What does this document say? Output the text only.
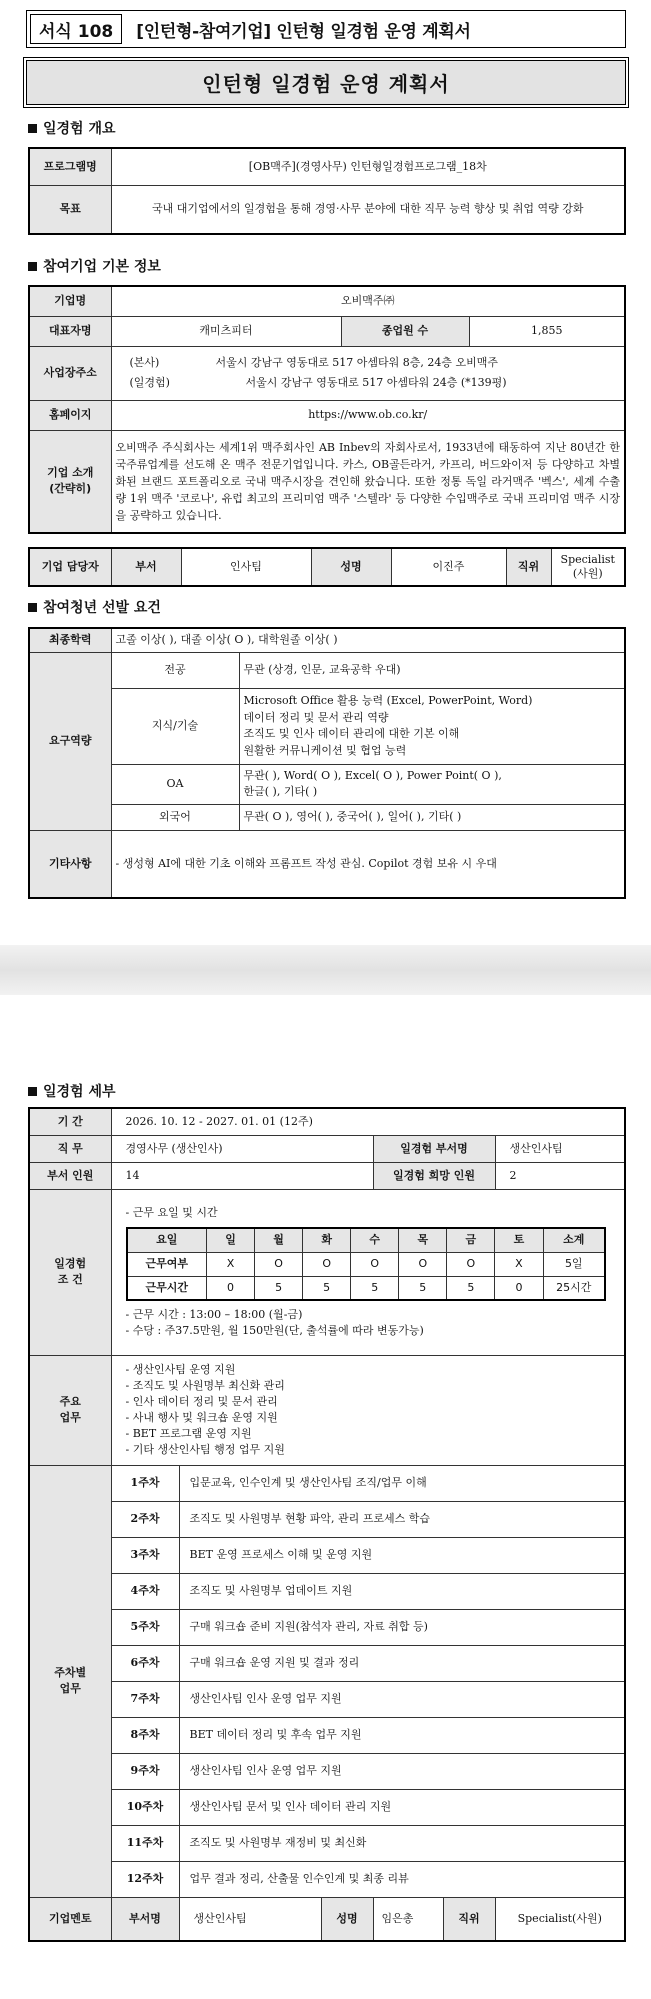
서식 108	[인턴형-참여기업] 인턴형 일경험 운영 계획서
인턴형 일경험 운영 계획서
일경험 개요
프로그램명	[OB맥주](경영사무) 인턴형일경험프로그램_18차
목표	국내 대기업에서의 일경험을 통해 경영·사무 분야에 대한 직무 능력 향상 및 취업 역량 강화
참여기업 기본 정보
기업명	오비맥주㈜		
대표자명	캐미츠피터	종업원 수	1,855
사업장주소	(본사) 서울시 강남구 영동대로 517 아셈타워 8층, 24층 오비맥주
(일경험) 서울시 강남구 영동대로 517 아셈타워 24층 (*139평)		

홈페이지	https://www.ob.co.kr/		

기업 소개
(간략히)	오비맥주 주식회사는 세계1위 맥주회사인 AB Inbev의 자회사로서, 1933년에 태동하여 지난 80년간 한국주류업계를 선도해 온 맥주 전문기업입니다. 카스, OB골든라거, 카프리, 버드와이저 등 다양하고 차별화된 브랜드 포트폴리오로 국내 맥주시장을 견인해 왔습니다. 또한 정통 독일 라거맥주 '벡스', 세계 수출량 1위 맥주 '코로나', 유럽 최고의 프리미엄 맥주 '스텔라' 등 다양한 수입맥주로 국내 프리미엄 맥주 시장을 공략하고 있습니다.		
기업 담당자	부서	인사팀	성명	이진주	직위	
Specialist
(사원)
참여청년 선발 요건
최종학력	고졸 이상( ), 대졸 이상( O ), 대학원졸 이상( )	
요구역량	전공	무관 (상경, 인문, 교육공학 우대)
	지식/기술	Microsoft Office 활용 능력 (Excel, PowerPoint, Word)
데이터 정리 및 문서 관리 역량
조직도 및 인사 데이터 관리에 대한 기본 이해
원활한 커뮤니케이션 및 협업 능력

	OA	무관( ), Word( O ), Excel( O ), Power Point( O ),
한글( ), 기타( )

	외국어	무관( O ), 영어( ), 중국어( ), 일어( ), 기타( )
기타사항	- 생성형 AI에 대한 기초 이해와 프롬프트 작성 관심. Copilot 경험 보유 시 우대	
일경험 세부
기 간	2026. 10. 12 - 2027. 01. 01 (12주)
직 무	경영사무 (생산인사)	일경험 부서명	생산인사팀
부서 인원	14	일경험 희망 인원	2

일경험
조 건

- 근무 요일 및 시간
요일	일	월	화	수	목	금	토	소계
근무여부	X	O	O	O	O	O	X	5일
근무시간	0	5	5	5	5	5	0	25시간
- 근무 시간 : 13:00 – 18:00 (월-금)
- 수당 : 주37.5만원, 월 150만원(단, 출석률에 따라 변동가능)

주요
업무

- 생산인사팀 운영 지원
- 조직도 및 사원명부 최신화 관리
- 인사 데이터 정리 및 문서 관리
- 사내 행사 및 워크숍 운영 지원
- BET 프로그램 운영 지원
- 기타 생산인사팀 행정 업무 지원

주차별
업무
	1주차	입문교육, 인수인계 및 생산인사팀 조직/업무 이해
2주차	조직도 및 사원명부 현황 파악, 관리 프로세스 학습
3주차	BET 운영 프로세스 이해 및 운영 지원
4주차	조직도 및 사원명부 업데이트 지원
5주차	구매 워크숍 준비 지원(참석자 관리, 자료 취합 등)
6주차	구매 워크숍 운영 지원 및 결과 정리
7주차	생산인사팀 인사 운영 업무 지원
8주차	BET 데이터 정리 및 후속 업무 지원
9주차	생산인사팀 인사 운영 업무 지원
10주차	생산인사팀 문서 및 인사 데이터 관리 지원
11주차	조직도 및 사원명부 재정비 및 최신화
12주차	업무 결과 정리, 산출물 인수인계 및 최종 리뷰
기업멘토	부서명	생산인사팀	성명	임은총	직위	Specialist(사원)
